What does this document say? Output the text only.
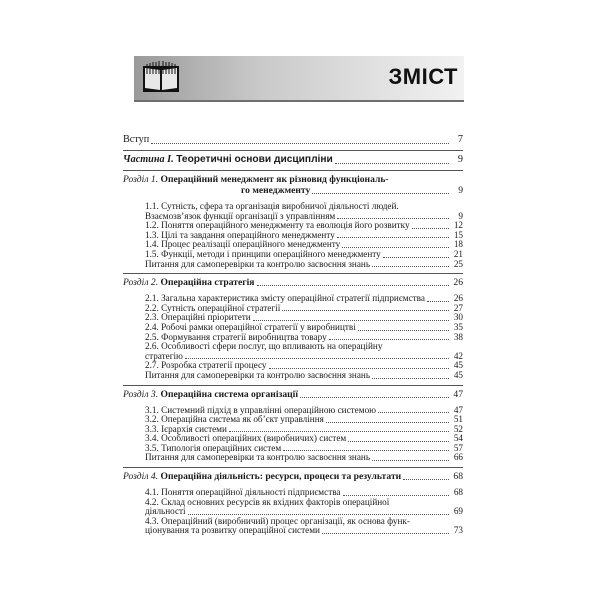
ЗМІСТ
Вступ	7
Частина І. Теоретичні основи дисципліни	9
Розділ 1. Операційний менеджмент як різновид функціональ-
го менеджменту	9
1.1. Сутність, сфера та організація виробничої діяльності людей.
Взаємозв’язок функції організації з управлінням	9
1.2. Поняття операційного менеджменту та еволюція його розвитку	12
1.3. Цілі та завдання операційного менеджменту	15
1.4. Процес реалізації операційного менеджменту	18
1.5. Функції, методи і принципи операційного менеджменту	21
Питання для самоперевірки та контролю засвоєння знань	25
Розділ 2. Операційна стратегія	26
2.1. Загальна характеристика змісту операційної стратегії підприємства	26
2.2. Сутність операційної стратегії	27
2.3. Операційні пріоритети	30
2.4. Робочі рамки операційної стратегії у виробництві	35
2.5. Формування стратегії виробництва товару	38
2.6. Особливості сфери послуг, що впливають на операційну
стратегію	42
2.7. Розробка стратегії процесу	45
Питання для самоперевірки та контролю засвоєння знань	45
Розділ 3. Операційна система організації	47
3.1. Системний підхід в управлінні операційною системою	47
3.2. Операційна система як об’єкт управління	51
3.3. Ієрархія системи	52
3.4. Особливості операційних (виробничих) систем	54
3.5. Типологія операційних систем	57
Питання для самоперевірки та контролю засвоєння знань	66
Розділ 4. Операційна діяльність: ресурси, процеси та результати	68
4.1. Поняття операційної діяльності підприємства	68
4.2. Склад основних ресурсів як вхідних факторів операційної
діяльності	69
4.3. Операційний (виробничий) процес організації, як основа функ-
ціонування та розвитку операційної системи	73
